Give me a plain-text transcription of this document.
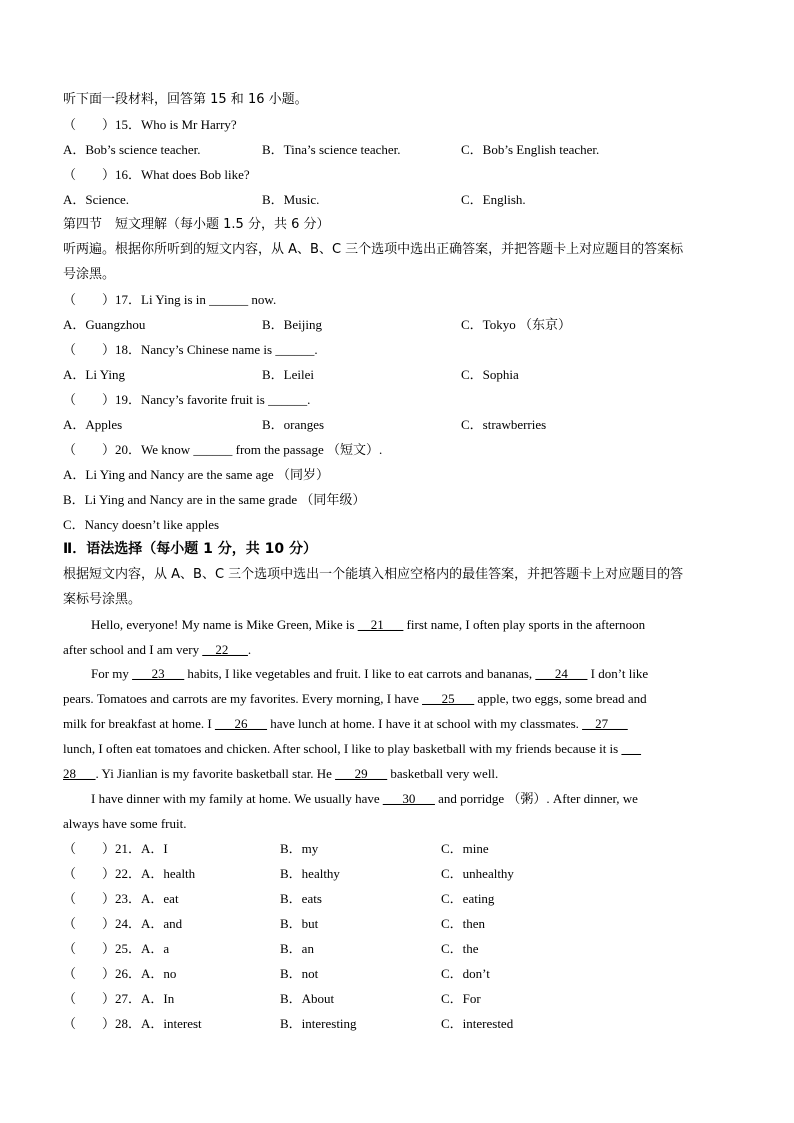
听下面一段材料，回答第 15 和 16 小题。
（　　）15．Who is Mr Harry?
A．Bob’s science teacher.	B．Tina’s science teacher.	C．Bob’s English teacher.
（　　）16．What does Bob like?
A．Science.	B．Music.	C．English.
第四节　短文理解（每小题 1.5 分，共 6 分）
听两遍。根据你所听到的短文内容，从 A、B、C 三个选项中选出正确答案，并把答题卡上对应题目的答案标
号涂黑。
（　　）17．Li Ying is in ______ now.
A．Guangzhou	B．Beijing	C．Tokyo （东京）
（　　）18．Nancy’s Chinese name is ______.
A．Li Ying	B．Leilei	C．Sophia
（　　）19．Nancy’s favorite fruit is ______.
A．Apples	B．oranges	C．strawberries
（　　）20．We know ______ from the passage （短文）.
A．Li Ying and Nancy are the same age （同岁）
B．Li Ying and Nancy are in the same grade （同年级）
C．Nancy doesn’t like apples
Ⅱ．语法选择（每小题 1 分，共 10 分）
根据短文内容，从 A、B、C 三个选项中选出一个能填入相应空格内的最佳答案，并把答题卡上对应题目的答
案标号涂黑。
Hello, everyone! My name is Mike Green, Mike is __21___ first name, I often play sports in the afternoon
after school and I am very __22___.
For my ___23___ habits, I like vegetables and fruit. I like to eat carrots and bananas, ___24___ I don’t like
pears. Tomatoes and carrots are my favorites. Every morning, I have ___25___ apple, two eggs, some bread and
milk for breakfast at home. I ___26___ have lunch at home. I have it at school with my classmates. __27___
lunch, I often eat tomatoes and chicken. After school, I like to play basketball with my friends because it is ___
28___. Yi Jianlian is my favorite basketball star. He ___29___ basketball very well.
I have dinner with my family at home. We usually have ___30___ and porridge （粥）. After dinner, we
always have some fruit.
（　　）21．A．I	B．my	C．mine
（　　）22．A．health	B．healthy	C．unhealthy
（　　）23．A．eat	B．eats	C．eating
（　　）24．A．and	B．but	C．then
（　　）25．A．a	B．an	C．the
（　　）26．A．no	B．not	C．don’t
（　　）27．A．In	B．About	C．For
（　　）28．A．interest	B．interesting	C．interested
